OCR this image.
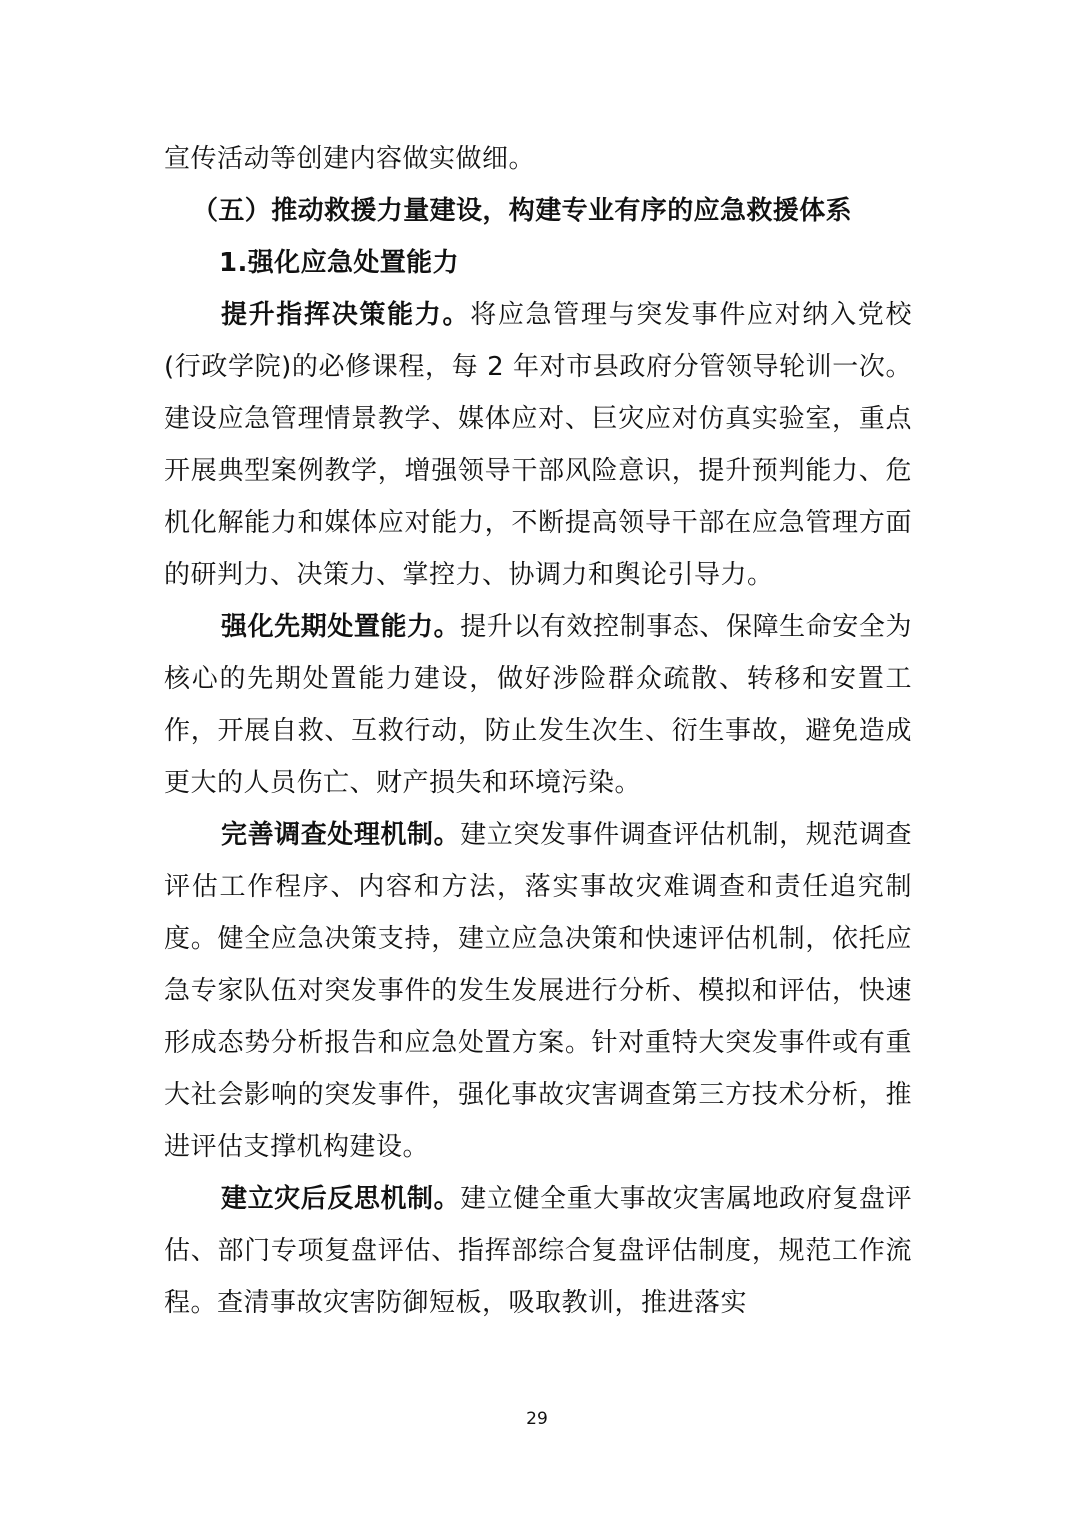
宣传活动等创建内容做实做细。

（五）推动救援力量建设，构建专业有序的应急救援体系

1.强化应急处置能力

提升指挥决策能力。将应急管理与突发事件应对纳入党校(行政学院)的必修课程，每 2 年对市县政府分管领导轮训一次。建设应急管理情景教学、媒体应对、巨灾应对仿真实验室，重点开展典型案例教学，增强领导干部风险意识，提升预判能力、危机化解能力和媒体应对能力，不断提高领导干部在应急管理方面的研判力、决策力、掌控力、协调力和舆论引导力。

强化先期处置能力。提升以有效控制事态、保障生命安全为核心的先期处置能力建设，做好涉险群众疏散、转移和安置工作，开展自救、互救行动，防止发生次生、衍生事故，避免造成更大的人员伤亡、财产损失和环境污染。

完善调查处理机制。建立突发事件调查评估机制，规范调查评估工作程序、内容和方法，落实事故灾难调查和责任追究制度。健全应急决策支持，建立应急决策和快速评估机制，依托应急专家队伍对突发事件的发生发展进行分析、模拟和评估，快速形成态势分析报告和应急处置方案。针对重特大突发事件或有重大社会影响的突发事件，强化事故灾害调查第三方技术分析，推进评估支撑机构建设。

建立灾后反思机制。建立健全重大事故灾害属地政府复盘评估、部门专项复盘评估、指挥部综合复盘评估制度，规范工作流程。查清事故灾害防御短板，吸取教训，推进落实

29
